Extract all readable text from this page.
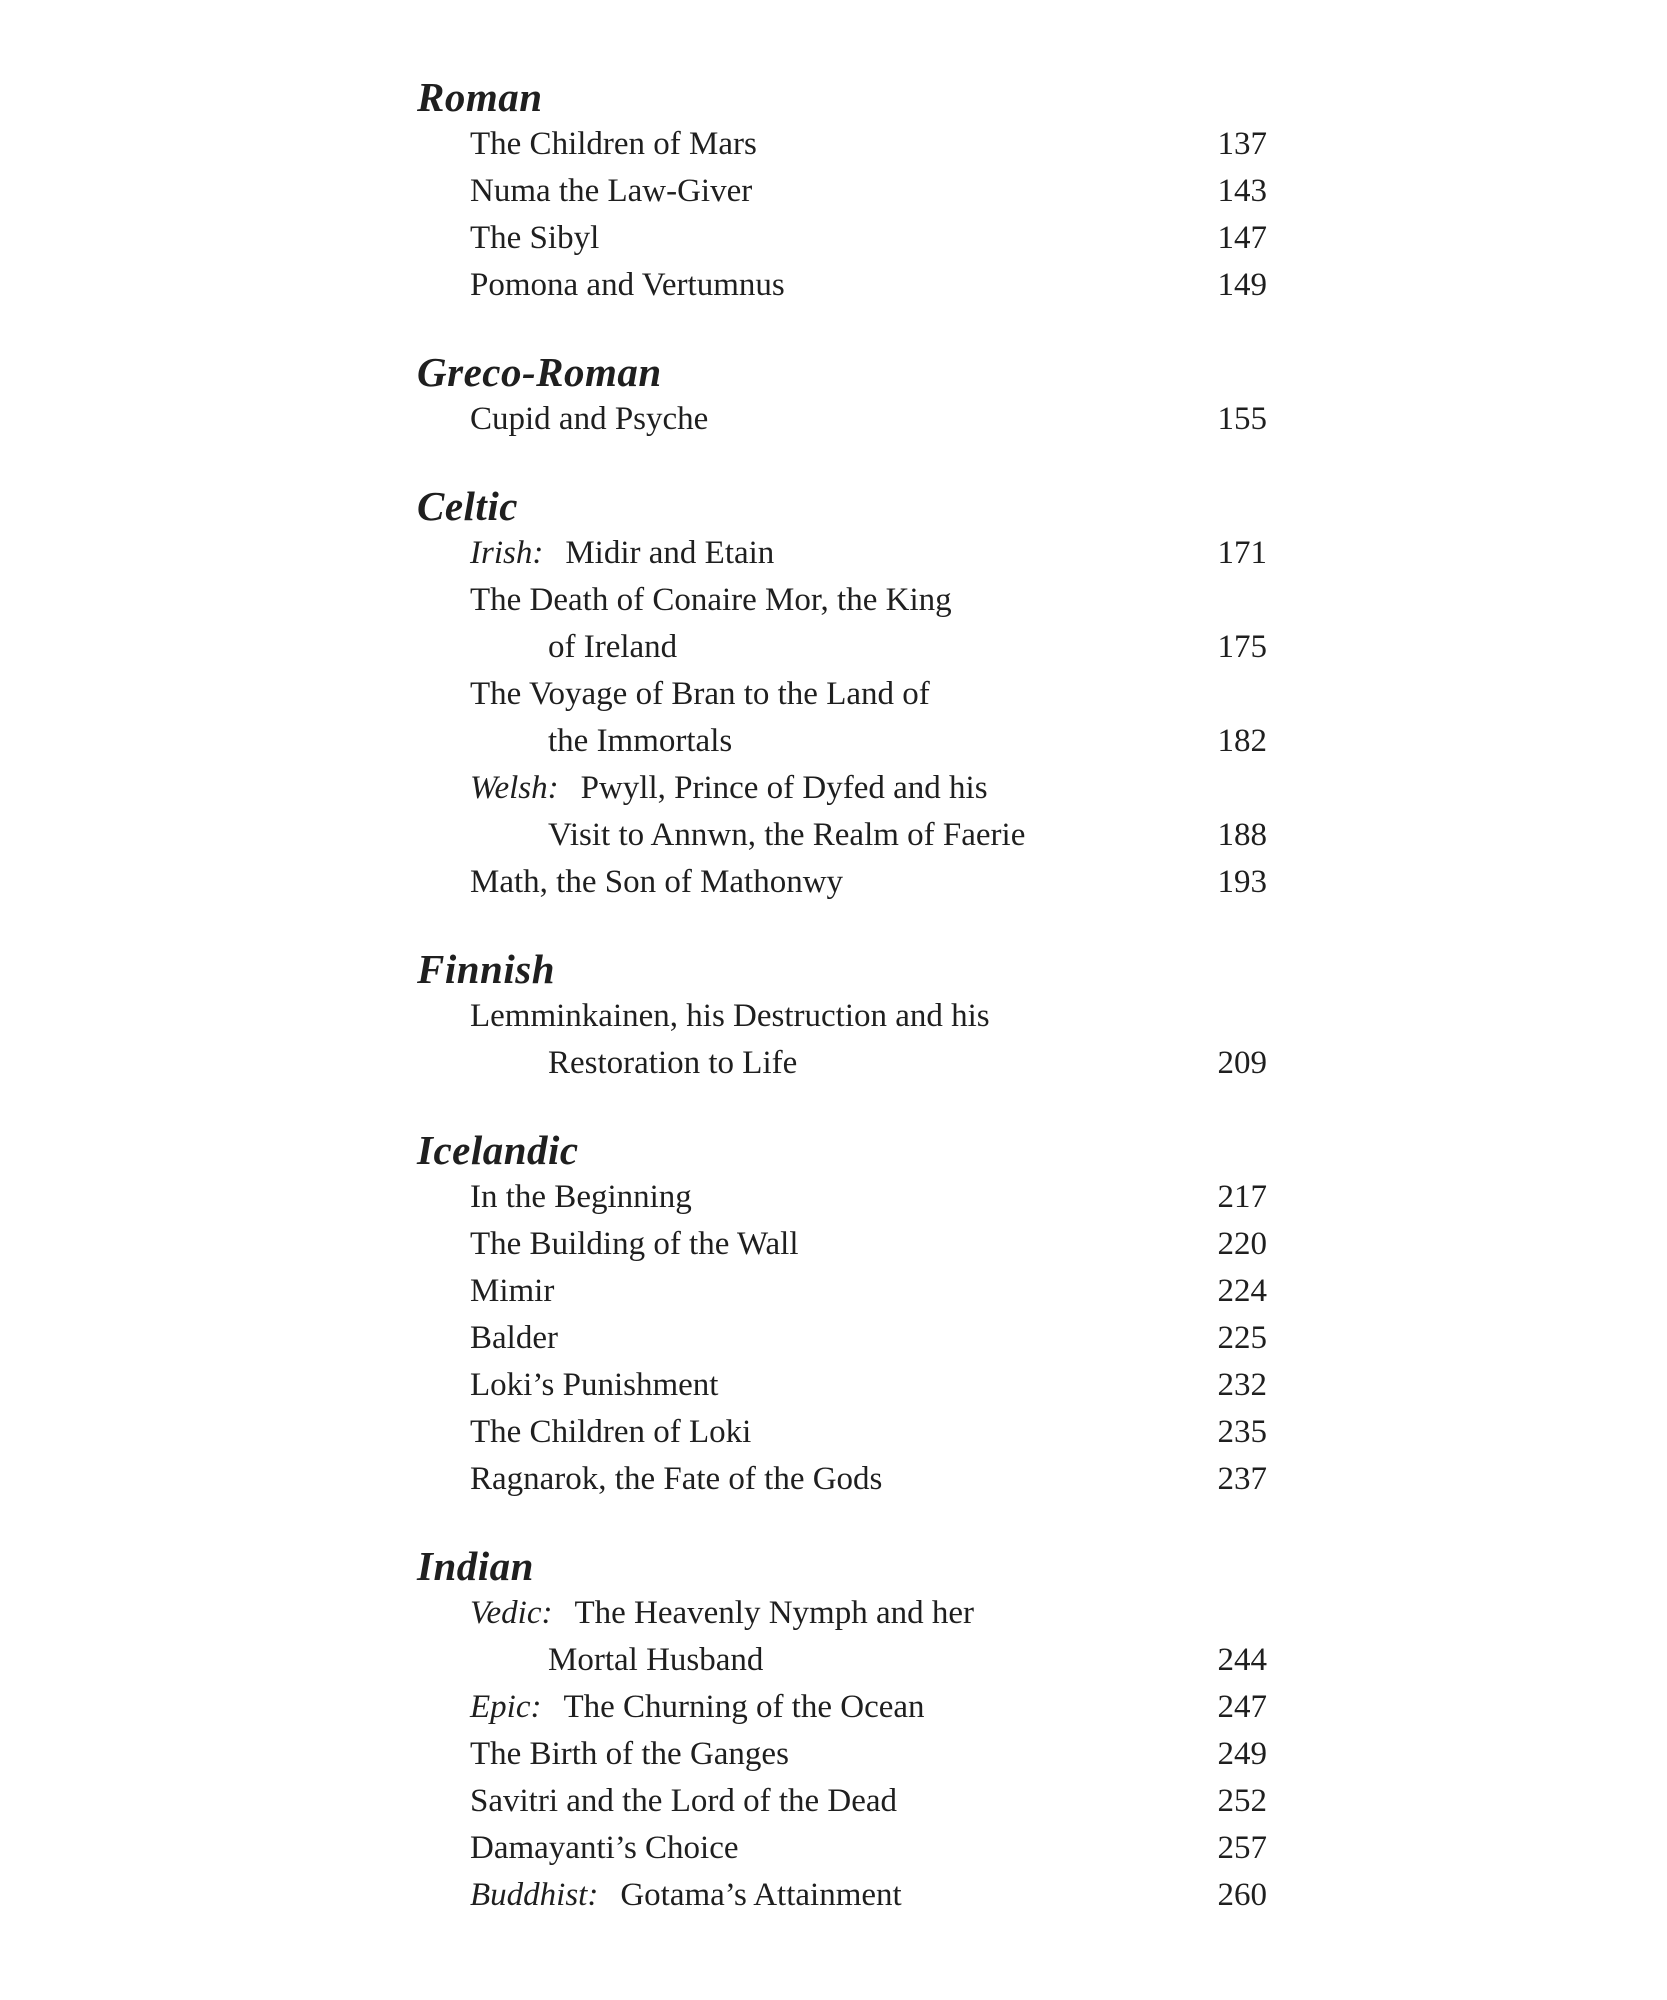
Roman
The Children of Mars	137
Numa the Law-Giver	143
The Sibyl	147
Pomona and Vertumnus	149
Greco-Roman
Cupid and Psyche	155
Celtic
Irish: Midir and Etain	171
The Death of Conaire Mor, the King
of Ireland	175
The Voyage of Bran to the Land of
the Immortals	182
Welsh: Pwyll, Prince of Dyfed and his
Visit to Annwn, the Realm of Faerie	188
Math, the Son of Mathonwy	193
Finnish
Lemminkainen, his Destruction and his
Restoration to Life	209
Icelandic
In the Beginning	217
The Building of the Wall	220
Mimir	224
Balder	225
Loki’s Punishment	232
The Children of Loki	235
Ragnarok, the Fate of the Gods	237
Indian
Vedic: The Heavenly Nymph and her
Mortal Husband	244
Epic: The Churning of the Ocean	247
The Birth of the Ganges	249
Savitri and the Lord of the Dead	252
Damayanti’s Choice	257
Buddhist: Gotama’s Attainment	260
